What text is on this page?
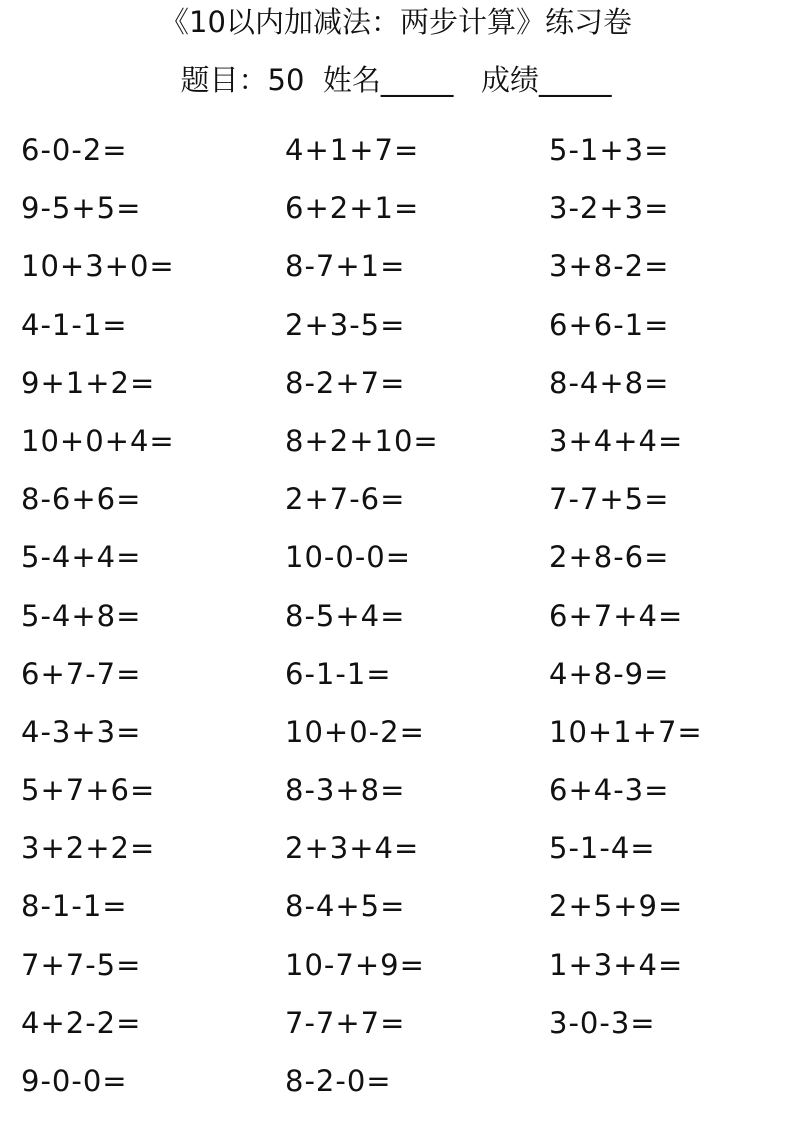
《10以内加减法：两步计算》练习卷
题目：50  姓名_____   成绩_____
6-0-2=	4+1+7=	5-1+3=
9-5+5=	6+2+1=	3-2+3=
10+3+0=	8-7+1=	3+8-2=
4-1-1=	2+3-5=	6+6-1=
9+1+2=	8-2+7=	8-4+8=
10+0+4=	8+2+10=	3+4+4=
8-6+6=	2+7-6=	7-7+5=
5-4+4=	10-0-0=	2+8-6=
5-4+8=	8-5+4=	6+7+4=
6+7-7=	6-1-1=	4+8-9=
4-3+3=	10+0-2=	10+1+7=
5+7+6=	8-3+8=	6+4-3=
3+2+2=	2+3+4=	5-1-4=
8-1-1=	8-4+5=	2+5+9=
7+7-5=	10-7+9=	1+3+4=
4+2-2=	7-7+7=	3-0-3=
9-0-0=	8-2-0=
